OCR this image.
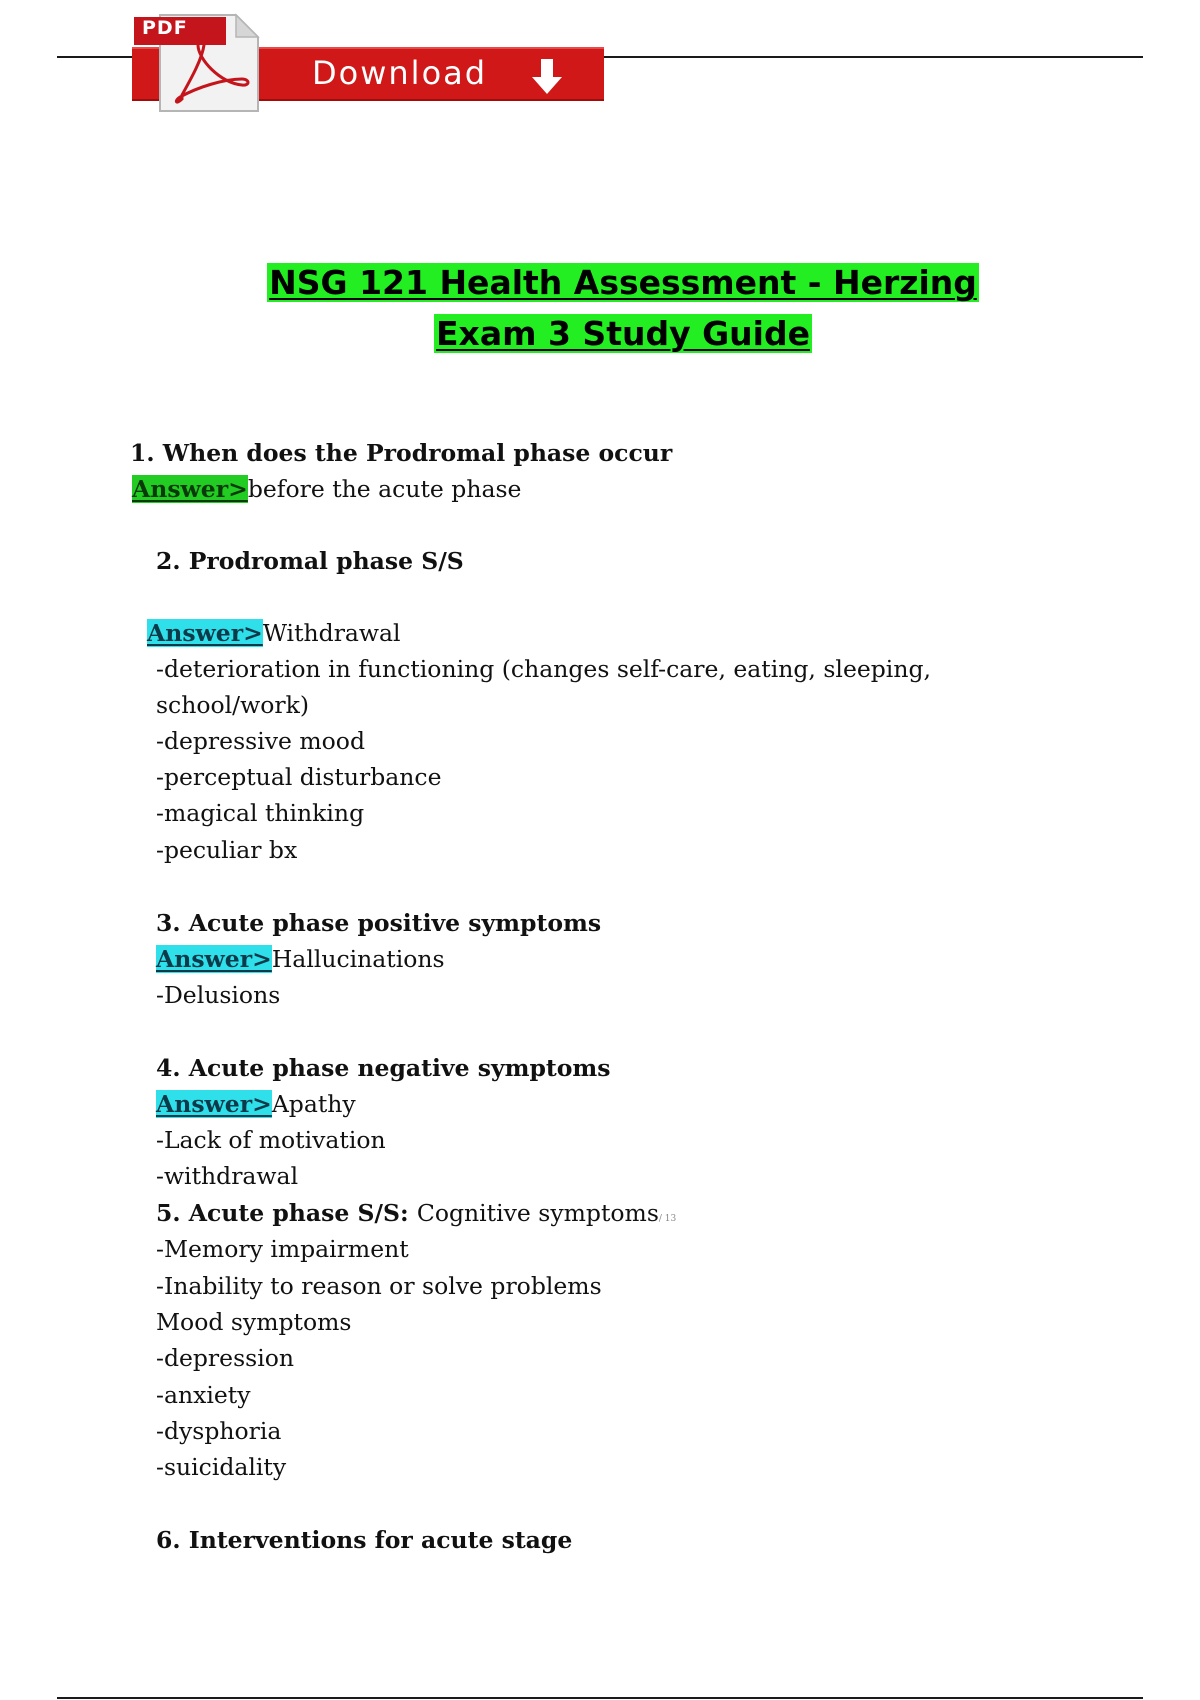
Download
PDF
NSG 121 Health Assessment - Herzing
Exam 3 Study Guide
1. When does the Prodromal phase occur
Answer>before the acute phase
2. Prodromal phase S/S
Answer>Withdrawal
-deterioration in functioning (changes self-care, eating, sleeping,
school/work)
-depressive mood
-perceptual disturbance
-magical thinking
-peculiar bx
3. Acute phase positive symptoms
Answer>Hallucinations
-Delusions
4. Acute phase negative symptoms
Answer>Apathy
-Lack of motivation
-withdrawal
5. Acute phase S/S: Cognitive symptoms/ 13
-Memory impairment
-Inability to reason or solve problems
Mood symptoms
-depression
-anxiety
-dysphoria
-suicidality
6. Interventions for acute stage
